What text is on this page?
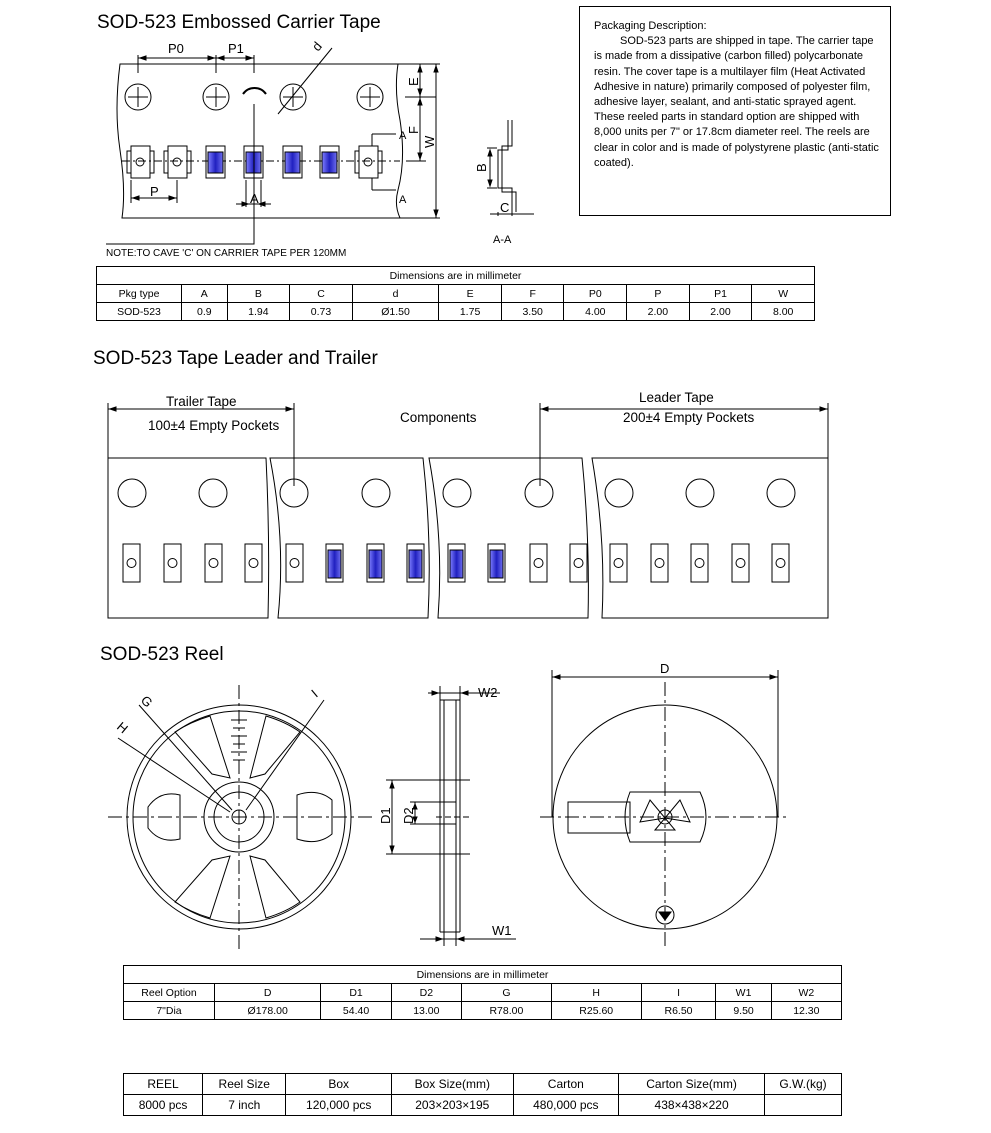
SOD-523 Embossed Carrier Tape
P0	P1	d
P	A
A
A
E
F
W
B
C
A-A
NOTE:TO CAVE 'C' ON CARRIER TAPE PER 120MM

Packaging Description:

SOD-523 parts are shipped in tape. The carrier tape is made from a dissipative (carbon filled) polycarbonate resin. The cover tape is a multilayer film (Heat Activated Adhesive in nature) primarily composed of polyester film, adhesive layer, sealant, and anti-static sprayed agent. These reeled parts in standard option are shipped with 8,000 units per 7" or 17.8cm diameter reel. The reels are clear in color and is made of polystyrene plastic (anti-static coated).

Dimensions are in millimeter										
Pkg type	A	B	C	d	E	F	P0	P	P1	W
SOD-523	0.9	1.94	0.73	Ø1.50	1.75	3.50	4.00	2.00	2.00	8.00
SOD-523 Tape Leader and Trailer
Trailer Tape
100±4 Empty Pockets
Components
Leader Tape
200±4 Empty Pockets
SOD-523 Reel
G
H
I	W2
W1
D1 D2
D
Dimensions are in millimeter								
Reel Option	D	D1	D2	G	H	I	W1	W2
7"Dia	Ø178.00	54.40	13.00	R78.00	R25.60	R6.50	9.50	12.30
REEL	Reel Size	Box	Box Size(mm)	Carton	Carton Size(mm)	G.W.(kg)
8000 pcs	7 inch	120,000 pcs	203×203×195	480,000 pcs	438×438×220	
